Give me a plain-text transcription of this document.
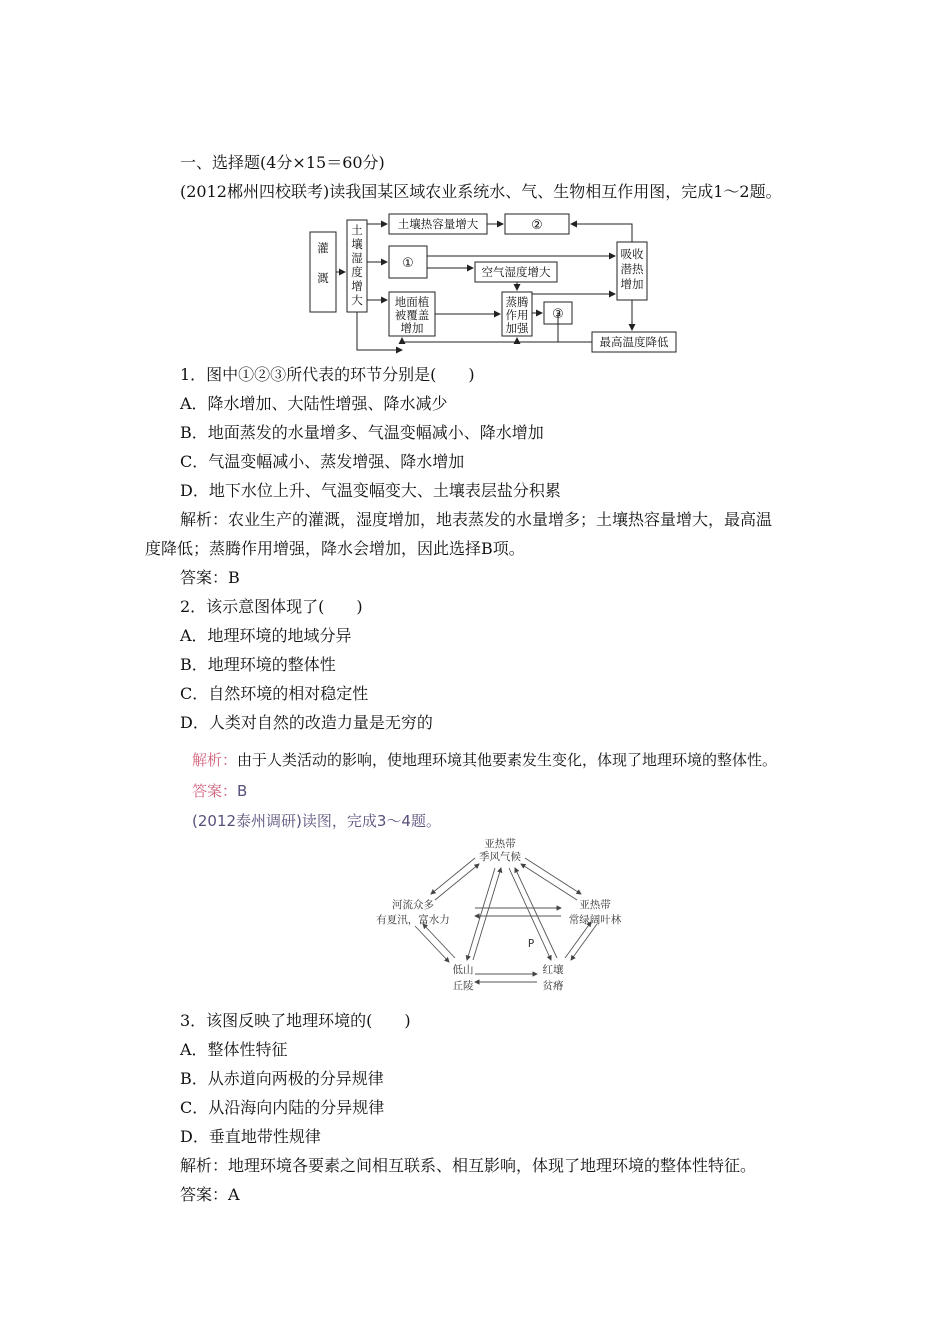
一、选择题(4分×15＝60分)
(2012郴州四校联考)读我国某区域农业系统水、气、生物相互作用图，完成1～2题。
灌
溉
土
壤
湿
度
增
大
土壤热容量增大	②
①
空气湿度增大
吸收
潜热
增加
地面植
被覆盖
增加
蒸腾
作用
加强
③
最高温度降低
1．图中①②③所代表的环节分别是(　　)
A．降水增加、大陆性增强、降水减少
B．地面蒸发的水量增多、气温变幅减小、降水增加
C．气温变幅减小、蒸发增强、降水增加
D．地下水位上升、气温变幅变大、土壤表层盐分积累
解析：农业生产的灌溉，湿度增加，地表蒸发的水量增多；土壤热容量增大，最高温
度降低；蒸腾作用增强，降水会增加，因此选择B项。
答案：B
2．该示意图体现了(　　)
A．地理环境的地域分异
B．地理环境的整体性
C．自然环境的相对稳定性
D．人类对自然的改造力量是无穷的
解析：由于人类活动的影响，使地理环境其他要素发生变化，体现了地理环境的整体性。
答案：B
(2012泰州调研)读图，完成3～4题。
亚热带
季风气候
河流众多
有夏汛，富水力
亚热带
常绿阔叶林
低山
丘陵
红壤
贫瘠
P
3．该图反映了地理环境的(　　)
A．整体性特征
B．从赤道向两极的分异规律
C．从沿海向内陆的分异规律
D．垂直地带性规律
解析：地理环境各要素之间相互联系、相互影响，体现了地理环境的整体性特征。
答案：A
